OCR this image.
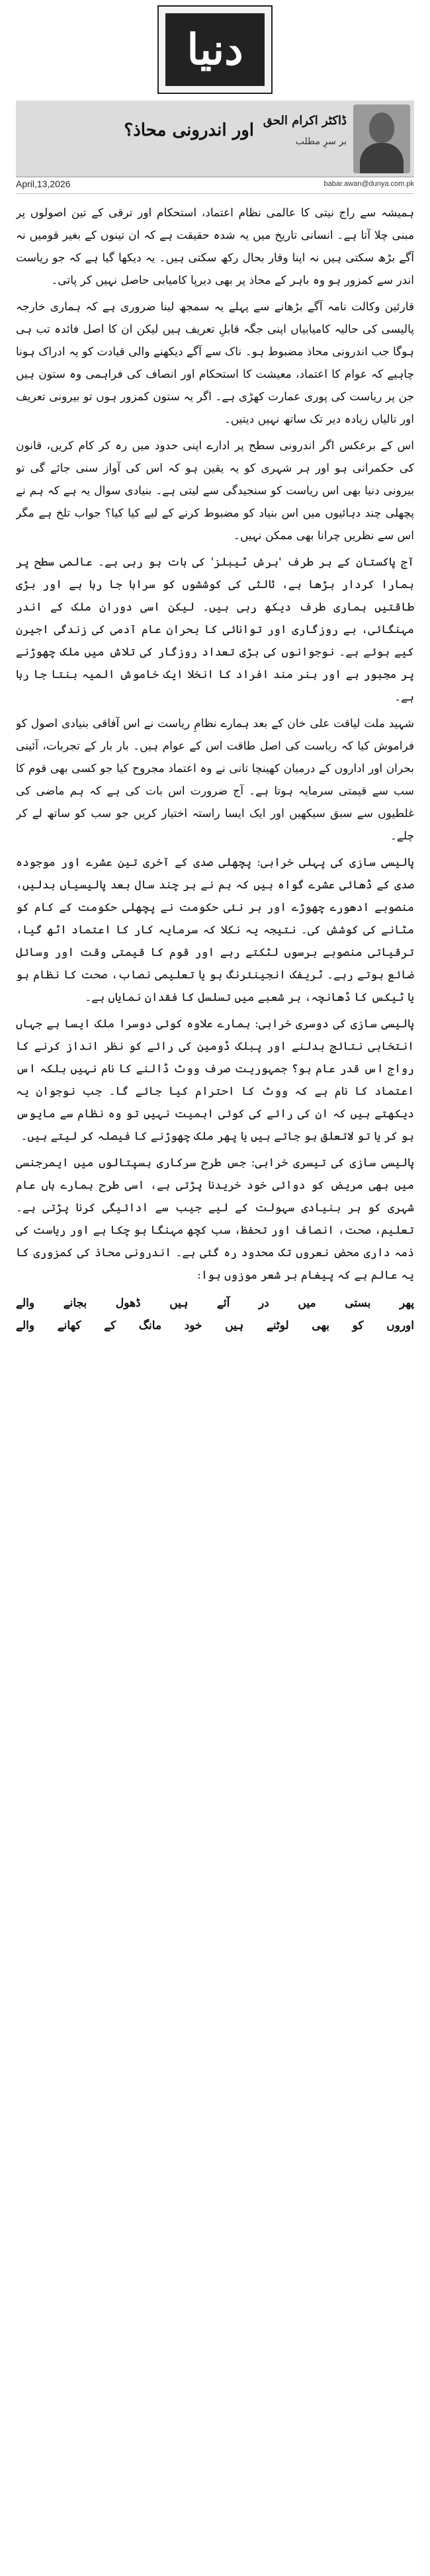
دنیا
اور اندرونی محاذ؟ ڈاکٹر اکرام الحق
بر سرِ مطلب
April,13,2026	babar.awan@dunya.com.pk

ہمیشہ سے راج نیتی کا عالمی نظام اعتماد، استحکام اور ترقی کے تین اصولوں پر مبنی چلا آتا ہے۔ انسانی تاریخ میں یہ شدہ حقیقت ہے کہ ان تینوں کے بغیر قومیں نہ آگے بڑھ سکتی ہیں نہ اپنا وقار بحال رکھ سکتی ہیں۔ یہ دیکھا گیا ہے کہ جو ریاست اندر سے کمزور ہو وہ باہر کے محاذ پر بھی دیرپا کامیابی حاصل نہیں کر پاتی۔

قارئین وکالت نامہ آگے بڑھانے سے پہلے یہ سمجھ لینا ضروری ہے کہ ہماری خارجہ پالیسی کی حالیہ کامیابیاں اپنی جگہ قابلِ تعریف ہیں لیکن ان کا اصل فائدہ تب ہی ہوگا جب اندرونی محاذ مضبوط ہو۔ ناک سے آگے دیکھنے والی قیادت کو یہ ادراک ہونا چاہیے کہ عوام کا اعتماد، معیشت کا استحکام اور انصاف کی فراہمی وہ ستون ہیں جن پر ریاست کی پوری عمارت کھڑی ہے۔ اگر یہ ستون کمزور ہوں تو بیرونی تعریف اور تالیاں زیادہ دیر تک ساتھ نہیں دیتیں۔

اس کے برعکس اگر اندرونی سطح پر ادارے اپنی حدود میں رہ کر کام کریں، قانون کی حکمرانی ہو اور ہر شہری کو یہ یقین ہو کہ اس کی آواز سنی جائے گی تو بیرونی دنیا بھی اس ریاست کو سنجیدگی سے لیتی ہے۔ بنیادی سوال یہ ہے کہ ہم نے پچھلی چند دہائیوں میں اس بنیاد کو مضبوط کرنے کے لیے کیا کیا؟ جواب تلخ ہے مگر اس سے نظریں چرانا بھی ممکن نہیں۔

آج پاکستان کے ہر طرف 'ہرش ٹیبلز' کی بات ہو رہی ہے۔ عالمی سطح پر ہمارا کردار بڑھا ہے، ثالثی کی کوششوں کو سراہا جا رہا ہے اور بڑی طاقتیں ہماری طرف دیکھ رہی ہیں۔ لیکن اسی دوران ملک کے اندر مہنگائی، بے روزگاری اور توانائی کا بحران عام آدمی کی زندگی اجیرن کیے ہوئے ہے۔ نوجوانوں کی بڑی تعداد روزگار کی تلاش میں ملک چھوڑنے پر مجبور ہے اور ہنر مند افراد کا انخلا ایک خاموش المیہ بنتا جا رہا ہے۔

شہید ملت لیاقت علی خان کے بعد ہمارے نظامِ ریاست نے اس آفاقی بنیادی اصول کو فراموش کیا کہ ریاست کی اصل طاقت اس کے عوام ہیں۔ بار بار کے تجربات، آئینی بحران اور اداروں کے درمیان کھینچا تانی نے وہ اعتماد مجروح کیا جو کسی بھی قوم کا سب سے قیمتی سرمایہ ہوتا ہے۔ آج ضرورت اس بات کی ہے کہ ہم ماضی کی غلطیوں سے سبق سیکھیں اور ایک ایسا راستہ اختیار کریں جو سب کو ساتھ لے کر چلے۔

پالیسی سازی کی پہلی خرابی: پچھلی صدی کے آخری تین عشرے اور موجودہ صدی کے ڈھائی عشرے گواہ ہیں کہ ہم نے ہر چند سال بعد پالیسیاں بدلیں، منصوبے ادھورے چھوڑے اور ہر نئی حکومت نے پچھلی حکومت کے کام کو مٹانے کی کوشش کی۔ نتیجہ یہ نکلا کہ سرمایہ کار کا اعتماد اٹھ گیا، ترقیاتی منصوبے برسوں لٹکتے رہے اور قوم کا قیمتی وقت اور وسائل ضائع ہوتے رہے۔ ٹریفک انجینئرنگ ہو یا تعلیمی نصاب، صحت کا نظام ہو یا ٹیکس کا ڈھانچہ، ہر شعبے میں تسلسل کا فقدان نمایاں ہے۔

پالیسی سازی کی دوسری خرابی: ہمارے علاوہ کوئی دوسرا ملک ایسا ہے جہاں انتخابی نتائج بدلنے اور پبلک ڈومین کی رائے کو نظر انداز کرنے کا رواج اس قدر عام ہو؟ جمہوریت صرف ووٹ ڈالنے کا نام نہیں بلکہ اس اعتماد کا نام ہے کہ ووٹ کا احترام کیا جائے گا۔ جب نوجوان یہ دیکھتے ہیں کہ ان کی رائے کی کوئی اہمیت نہیں تو وہ نظام سے مایوس ہو کر یا تو لاتعلق ہو جاتے ہیں یا پھر ملک چھوڑنے کا فیصلہ کر لیتے ہیں۔

پالیسی سازی کی تیسری خرابی: جس طرح سرکاری ہسپتالوں میں ایمرجنسی میں بھی مریض کو دوائی خود خریدنا پڑتی ہے، اسی طرح ہمارے ہاں عام شہری کو ہر بنیادی سہولت کے لیے جیب سے ادائیگی کرنا پڑتی ہے۔ تعلیم، صحت، انصاف اور تحفظ، سب کچھ مہنگا ہو چکا ہے اور ریاست کی ذمہ داری محض نعروں تک محدود رہ گئی ہے۔ اندرونی محاذ کی کمزوری کا یہ عالم ہے کہ پیغام بر شعر موزوں ہوا:

پھر بستی میں در آئے ہیں ڈھول بجانے والے
اوروں کو بھی لوٹنے ہیں خود مانگ کے کھانے والے
